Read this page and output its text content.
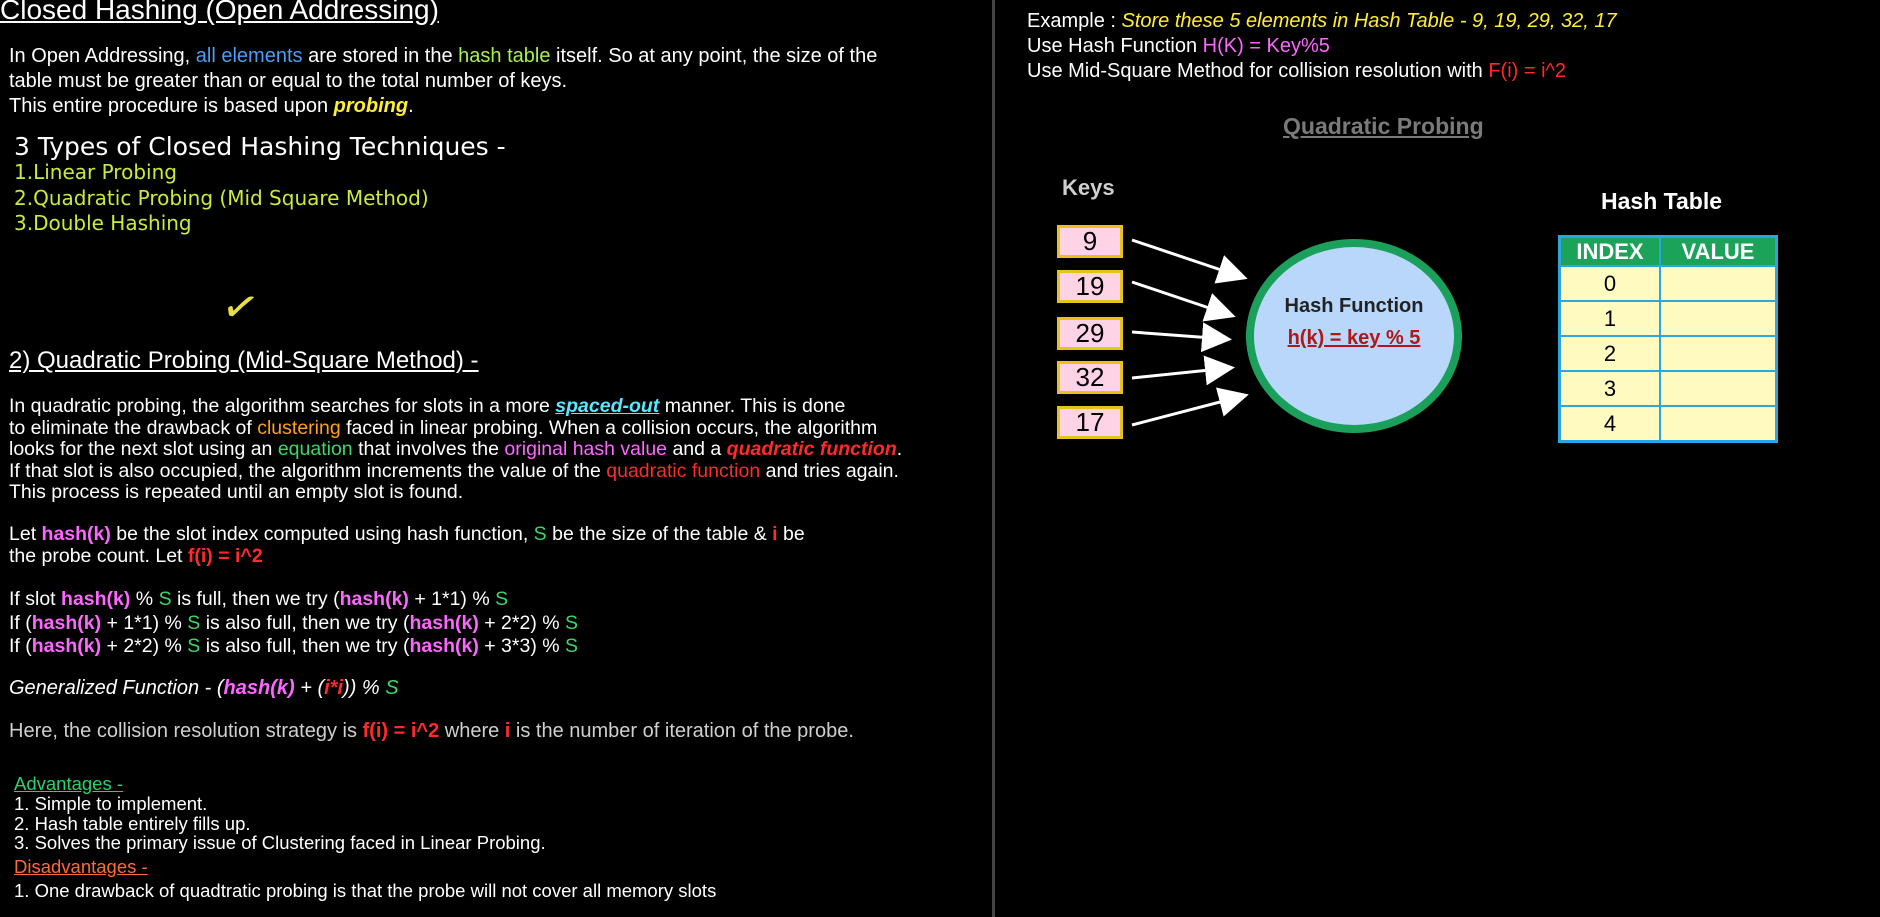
Closed Hashing (Open Addressing)
In Open Addressing, all elements are stored in the hash table itself. So at any point, the size of the
table must be greater than or equal to the total number of keys.
This entire procedure is based upon probing.
3 Types of Closed Hashing Techniques -
1.Linear Probing
2.Quadratic Probing (Mid Square Method)
3.Double Hashing
✓
2) Quadratic Probing (Mid-Square Method) -
In quadratic probing, the algorithm searches for slots in a more spaced-out manner. This is done
to eliminate the drawback of clustering faced in linear probing. When a collision occurs, the algorithm
looks for the next slot using an equation that involves the original hash value and a quadratic function.
If that slot is also occupied, the algorithm increments the value of the quadratic function and tries again.
This process is repeated until an empty slot is found.
Let hash(k) be the slot index computed using hash function, S be the size of the table & i be
the probe count. Let f(i) = i^2
If slot hash(k) % S is full, then we try (hash(k) + 1*1) % S
If (hash(k) + 1*1) % S is also full, then we try (hash(k) + 2*2) % S
If (hash(k) + 2*2) % S is also full, then we try (hash(k) + 3*3) % S
Generalized Function - (hash(k) + (i*i)) % S
Here, the collision resolution strategy is f(i) = i^2 where i is the number of iteration of the probe.
Advantages -
1. Simple to implement.
2. Hash table entirely fills up.
3. Solves the primary issue of Clustering faced in Linear Probing.
Disadvantages -
1. One drawback of quadtratic probing is that the probe will not cover all memory slots
Example : Store these 5 elements in Hash Table - 9, 19, 29, 32, 17
Use Hash Function H(K) = Key%5
Use Mid-Square Method for collision resolution with F(i) = i^2
Quadratic Probing
Keys
9
19
29
32
17
Hash Function
h(k) = key % 5
Hash Table
INDEX	VALUE
0	
1	
2	
3	
4	
